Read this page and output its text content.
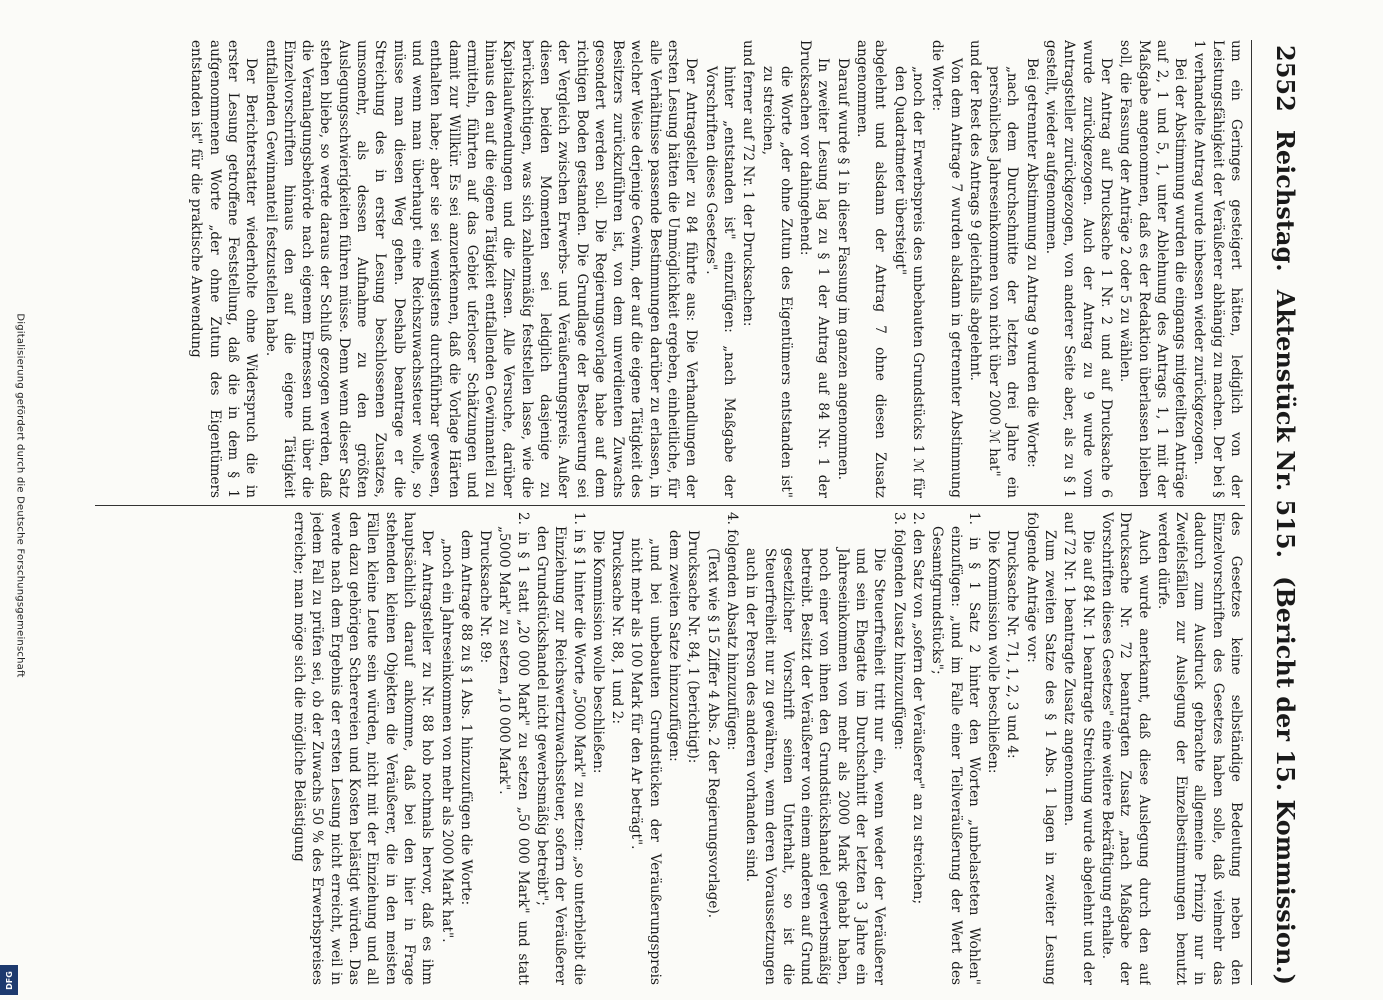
2552
Reichstag.
Aktenstück Nr. 515.
(Bericht der 15. Kommission.)

um ein Geringes gesteigert hätten, lediglich von der Leistungsfähigkeit der Veräußerer abhängig zu machen. Der bei § 1 verhandelte Antrag wurde inbessen wieder zurückgezogen.

Bei der Abstimmung wurden die eingangs mitgeteilten Anträge auf 2, 1 und 5, 1, unter Ablehnung des Antrags 1, 1 mit der Maßgabe angenommen, daß es der Redaktion überlassen bleiben soll, die Fassung der Anträge 2 oder 5 zu wählen.

Der Antrag auf Drucksache 1 Nr. 2 und auf Drucksache 6 wurde zurückgezogen. Auch der Antrag zu 9 wurde vom Antragsteller zurückgezogen, von anderer Seite aber, als zu § 1 gestellt, wieder aufgenommen.

Bei getrennter Abstimmung zu Antrag 9 wurden die Worte:

„nach dem Durchschnitte der letzten drei Jahre ein persönliches Jahreseinkommen von nicht über 2000 ℳ hat"

und der Rest des Antrags 9 gleichfalls abgelehnt.

Von dem Antrage 7 wurden alsdann in getrennter Abstimmung die Worte:

„noch der Erwerbspreis des unbebauten Grundstücks 1 ℳ für den Quadratmeter übersteigt"

abgelehnt und alsdann der Antrag 7 ohne diesen Zusatz angenommen.

Darauf wurde § 1 in dieser Fassung im ganzen angenommen.

In zweiter Lesung lag zu § 1 der Antrag auf 84 Nr. 1 der Drucksachen vor dahingehend:

die Worte „der ohne Zutun des Eigentümers entstanden ist" zu streichen,

und ferner auf 72 Nr. 1 der Drucksachen:

hinter „entstanden ist" einzufügen: „nach Maßgabe der Vorschriften dieses Gesetzes".

Der Antragsteller zu 84 führte aus: Die Verhandlungen der ersten Lesung hätten die Unmöglichkeit ergeben, einheitliche, für alle Verhältnisse passende Bestimmungen darüber zu erlassen, in welcher Weise derjenige Gewinn, der auf die eigene Tätigkeit des Besitzers zurückzuführen ist, von dem unverdienten Zuwachs gesondert werden soll. Die Regierungsvorlage habe auf dem richtigen Boden gestanden. Die Grundlage der Besteuerung sei der Vergleich zwischen Erwerbs- und Veräußerungspreis. Außer diesen beiden Momenten sei lediglich dasjenige zu berücksichtigen, was sich zahlenmäßig feststellen lasse, wie die Kapitalaufwendungen und die Zinsen. Alle Versuche, darüber hinaus den auf die eigene Tätigkeit entfallenden Gewinnanteil zu ermitteln, führten auf das Gebiet uferloser Schätzungen und damit zur Willkür. Es sei anzuerkennen, daß die Vorlage Härten enthalten habe; aber sie sei wenigstens durchführbar gewesen, und wenn man überhaupt eine Reichszuwachssteuer wolle, so müsse man diesen Weg gehen. Deshalb beantrage er die Streichung des in erster Lesung beschlossenen Zusatzes, umsomehr, als dessen Aufnahme zu den größten Auslegungsschwierigkeiten führen müsse. Denn wenn dieser Satz stehen bliebe, so werde daraus der Schluß gezogen werden, daß die Veranlagungsbehörde nach eigenem Ermessen und über die Einzelvorschriften hinaus den auf die eigene Tätigkeit entfallenden Gewinnanteil festzustellen habe.

Der Berichterstatter wiederholte ohne Widerspruch die in erster Lesung getroffene Feststellung, daß die in dem § 1 aufgenommenen Worte „der ohne Zutun des Eigentümers entstanden ist" für die praktische Anwendung

des Gesetzes keine selbständige Bedeutung neben den Einzelvorschriften des Gesetzes haben solle, daß vielmehr das dadurch zum Ausdruck gebrachte allgemeine Prinzip nur in Zweifelsfällen zur Auslegung der Einzelbestimmungen benutzt werden dürfe.

Auch wurde anerkannt, daß diese Auslegung durch den auf Drucksache Nr. 72 beantragten Zusatz „nach Maßgabe der Vorschriften dieses Gesetzes" eine weitere Bekräftigung erhalte.

Die auf 84 Nr. 1 beantragte Streichung wurde abgelehnt und der auf 72 Nr. 1 beantragte Zusatz angenommen.

Zum zweiten Satze des § 1 Abs. 1 lagen in zweiter Lesung folgende Anträge vor:

Drucksache Nr. 71, 1, 2, 3 und 4:

Die Kommission wolle beschließen:

1. in § 1 Satz 2 hinter den Worten „unbelasteten Wohlen" einzufügen: „und im Falle einer Teilveräußerung der Wert des Gesamtgrundstücks";

2. den Satz von „sofern der Veräußerer" an zu streichen;

3. folgenden Zusatz hinzuzufügen:

Die Steuerfreiheit tritt nur ein, wenn weder der Veräußerer und sein Ehegatte im Durchschnitt der letzten 3 Jahre ein Jahreseinkommen von mehr als 2000 Mark gehabt haben, noch einer von ihnen den Grundstückshandel gewerbsmäßig betreibt. Besitzt der Veräußerer von einem anderen auf Grund gesetzlicher Vorschrift seinen Unterhalt, so ist die Steuerfreiheit nur zu gewähren, wenn deren Voraussetzungen auch in der Person des anderen vorhanden sind.

4. folgenden Absatz hinzuzufügen:

(Text wie § 15 Ziffer 4 Abs. 2 der Regierungsvorlage).

Drucksache Nr. 84, 1 (berichtigt):

dem zweiten Satze hinzuzufügen:

„und bei unbebauten Grundstücken der Veräußerungspreis nicht mehr als 100 Mark für den Ar beträgt".

Drucksache Nr. 88, 1 und 2:

Die Kommission wolle beschließen:

1. in § 1 hinter die Worte „5000 Mark" zu setzen: „so unterbleibt die Einziehung zur Reichswertzuwachssteuer, sofern der Veräußerer den Grundstückshandel nicht gewerbsmäßig betreibt";

2. in § 1 statt „20 000 Mark" zu setzen „50 000 Mark" und statt „5000 Mark" zu setzen „10 000 Mark".

Drucksache Nr. 89:

dem Antrage 88 zu § 1 Abs. 1 hinzuzufügen die Worte:

„noch ein Jahreseinkommen von mehr als 2000 Mark hat".

Der Antragsteller zu Nr. 88 hob nochmals hervor, daß es ihm hauptsächlich darauf ankomme, daß bei den hier in Frage stehenden kleinen Objekten die Veräußerer, die in den meisten Fällen kleine Leute sein würden, nicht mit der Einziehung und all den dazu gehörigen Scherereien und Kosten belästigt würden. Das werde nach dem Ergebnis der ersten Lesung nicht erreicht, weil in jedem Fall zu prüfen sei, ob der Zuwachs 50 % des Erwerbspreises erreiche; man möge sich die mögliche Belästigung

Digitalisierung gefördert durch die Deutsche Forschungsgemeinschaft
DFG
